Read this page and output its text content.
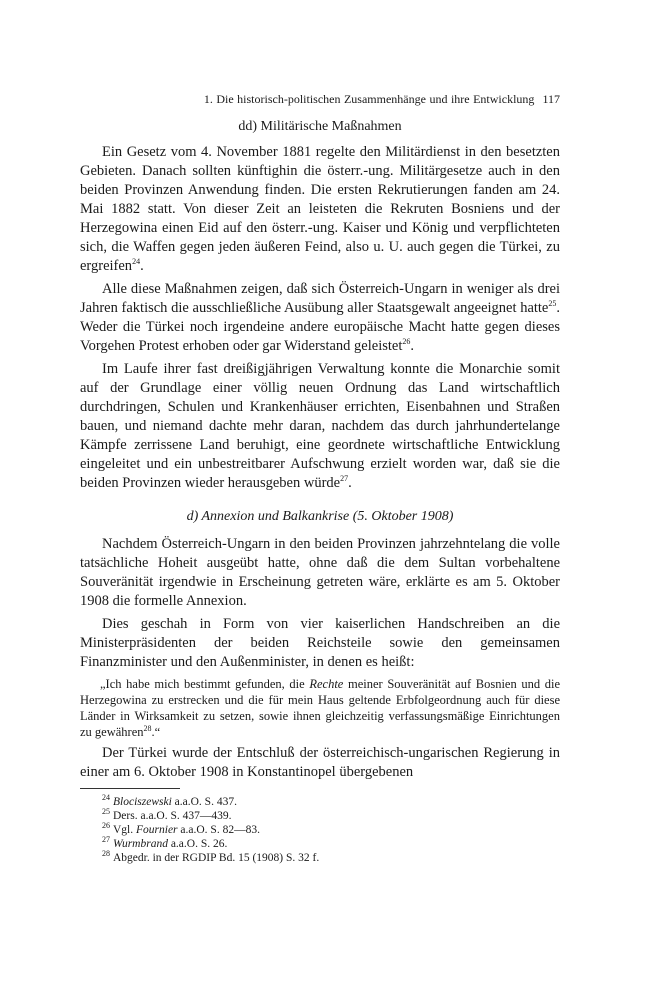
1. Die historisch-politischen Zusammenhänge und ihre Entwicklung 117
dd) Militärische Maßnahmen

Ein Gesetz vom 4. November 1881 regelte den Militärdienst in den besetzten Gebieten. Danach sollten künftighin die österr.-ung. Militärgesetze auch in den beiden Provinzen Anwendung finden. Die ersten Rekrutierungen fanden am 24. Mai 1882 statt. Von dieser Zeit an leisteten die Rekruten Bosniens und der Herzegowina einen Eid auf den österr.-ung. Kaiser und König und verpflichteten sich, die Waffen gegen jeden äußeren Feind, also u. U. auch gegen die Türkei, zu ergreifen$^{24}$.

Alle diese Maßnahmen zeigen, daß sich Österreich-Ungarn in weniger als drei Jahren faktisch die ausschließliche Ausübung aller Staatsgewalt angeeignet hatte$^{25}$. Weder die Türkei noch irgendeine andere europäische Macht hatte gegen dieses Vorgehen Protest erhoben oder gar Widerstand geleistet$^{26}$.

Im Laufe ihrer fast dreißigjährigen Verwaltung konnte die Monarchie somit auf der Grundlage einer völlig neuen Ordnung das Land wirtschaftlich durchdringen, Schulen und Krankenhäuser errichten, Eisenbahnen und Straßen bauen, und niemand dachte mehr daran, nachdem das durch jahrhundertelange Kämpfe zerrissene Land beruhigt, eine geordnete wirtschaftliche Entwicklung eingeleitet und ein unbestreitbarer Aufschwung erzielt worden war, daß sie die beiden Provinzen wieder herausgeben würde$^{27}$.

d) Annexion und Balkankrise (5. Oktober 1908)

Nachdem Österreich-Ungarn in den beiden Provinzen jahrzehntelang die volle tatsächliche Hoheit ausgeübt hatte, ohne daß die dem Sultan vorbehaltene Souveränität irgendwie in Erscheinung getreten wäre, erklärte es am 5. Oktober 1908 die formelle Annexion.

Dies geschah in Form von vier kaiserlichen Handschreiben an die Ministerpräsidenten der beiden Reichsteile sowie den gemeinsamen Finanzminister und den Außenminister, in denen es heißt:

„Ich habe mich bestimmt gefunden, die Rechte meiner Souveränität auf Bosnien und die Herzegowina zu erstrecken und die für mein Haus geltende Erbfolgeordnung auch für diese Länder in Wirksamkeit zu setzen, sowie ihnen gleichzeitig verfassungsmäßige Einrichtungen zu gewähren$^{28}$.“

Der Türkei wurde der Entschluß der österreichisch-ungarischen Regierung in einer am 6. Oktober 1908 in Konstantinopel übergebenen

$^{24}$ Bloсiszewski a.a.O. S. 437.

$^{25}$ Ders. a.a.O. S. 437—439.

$^{26}$ Vgl. Fournier a.a.O. S. 82—83.

$^{27}$ Wurmbrand a.a.O. S. 26.

$^{28}$ Abgedr. in der RGDIP Bd. 15 (1908) S. 32 f.
